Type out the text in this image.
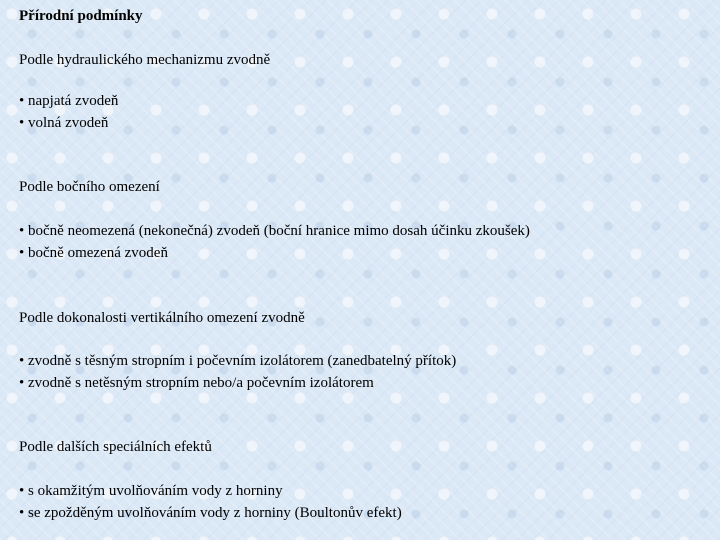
Přírodní podmínky

Podle hydraulického mechanizmu zvodně

• napjatá zvodeň
• volná zvodeň

Podle bočního omezení

• bočně neomezená (nekonečná) zvodeň (boční hranice mimo dosah účinku zkoušek)
• bočně omezená zvodeň

Podle dokonalosti vertikálního omezení zvodně

• zvodně s těsným stropním i počevním izolátorem (zanedbatelný přítok)
• zvodně s netěsným stropním nebo/a počevním izolátorem

Podle dalších speciálních efektů

• s okamžitým uvolňováním vody z horniny
• se zpožděným uvolňováním vody z horniny (Boultonův efekt)
